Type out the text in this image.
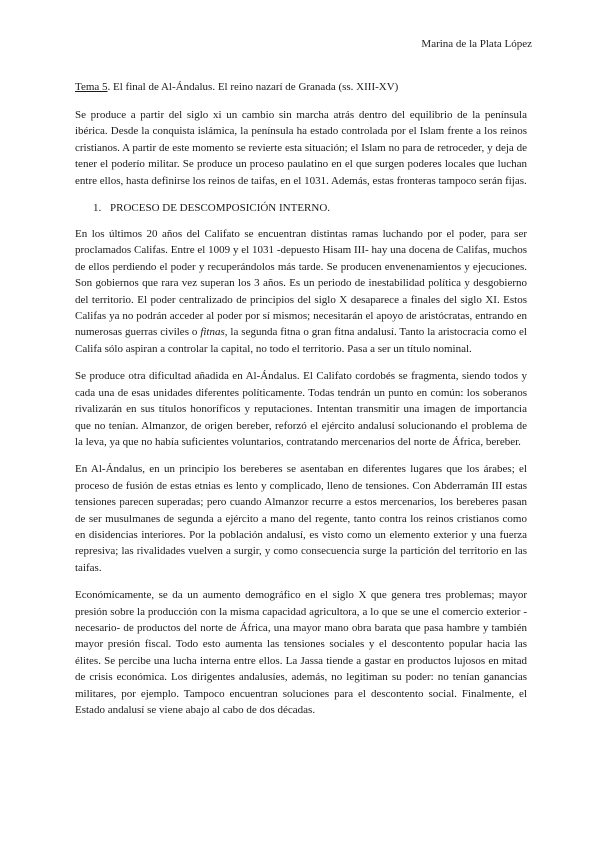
Marina de la Plata López
Tema 5. El final de Al-Ándalus. El reino nazarí de Granada (ss. XIII-XV)

Se produce a partir del siglo xi un cambio sin marcha atrás dentro del equilibrio de la península ibérica. Desde la conquista islámica, la península ha estado controlada por el Islam frente a los reinos cristianos. A partir de este momento se revierte esta situación; el Islam no para de retroceder, y deja de tener el poderío militar. Se produce un proceso paulatino en el que surgen poderes locales que luchan entre ellos, hasta definirse los reinos de taifas, en el 1031. Además, estas fronteras tampoco serán fijas.

1. PROCESO DE DESCOMPOSICIÓN INTERNO.

En los últimos 20 años del Califato se encuentran distintas ramas luchando por el poder, para ser proclamados Califas. Entre el 1009 y el 1031 -depuesto Hisam III- hay una docena de Califas, muchos de ellos perdiendo el poder y recuperándolos más tarde. Se producen envenenamientos y ejecuciones. Son gobiernos que rara vez superan los 3 años. Es un periodo de inestabilidad política y desgobierno del territorio. El poder centralizado de principios del siglo X desaparece a finales del siglo XI. Estos Califas ya no podrán acceder al poder por sí mismos; necesitarán el apoyo de aristócratas, entrando en numerosas guerras civiles o fitnas, la segunda fitna o gran fitna andalusí. Tanto la aristocracia como el Califa sólo aspiran a controlar la capital, no todo el territorio. Pasa a ser un título nominal.

Se produce otra dificultad añadida en Al-Ándalus. El Califato cordobés se fragmenta, siendo todos y cada una de esas unidades diferentes políticamente. Todas tendrán un punto en común: los soberanos rivalizarán en sus títulos honoríficos y reputaciones. Intentan transmitir una imagen de importancia que no tenían. Almanzor, de origen bereber, reforzó el ejército andalusí solucionando el problema de la leva, ya que no había suficientes voluntarios, contratando mercenarios del norte de África, bereber.

En Al-Ándalus, en un principio los bereberes se asentaban en diferentes lugares que los árabes; el proceso de fusión de estas etnias es lento y complicado, lleno de tensiones. Con Abderramán III estas tensiones parecen superadas; pero cuando Almanzor recurre a estos mercenarios, los bereberes pasan de ser musulmanes de segunda a ejército a mano del regente, tanto contra los reinos cristianos como en disidencias interiores. Por la población andalusí, es visto como un elemento exterior y una fuerza represiva; las rivalidades vuelven a surgir, y como consecuencia surge la partición del territorio en las taifas.

Económicamente, se da un aumento demográfico en el siglo X que genera tres problemas; mayor presión sobre la producción con la misma capacidad agricultora, a lo que se une el comercio exterior -necesario- de productos del norte de África, una mayor mano obra barata que pasa hambre y también mayor presión fiscal. Todo esto aumenta las tensiones sociales y el descontento popular hacia las élites. Se percibe una lucha interna entre ellos. La Jassa tiende a gastar en productos lujosos en mitad de crisis económica. Los dirigentes andalusíes, además, no legitiman su poder: no tenían ganancias militares, por ejemplo. Tampoco encuentran soluciones para el descontento social. Finalmente, el Estado andalusí se viene abajo al cabo de dos décadas.
